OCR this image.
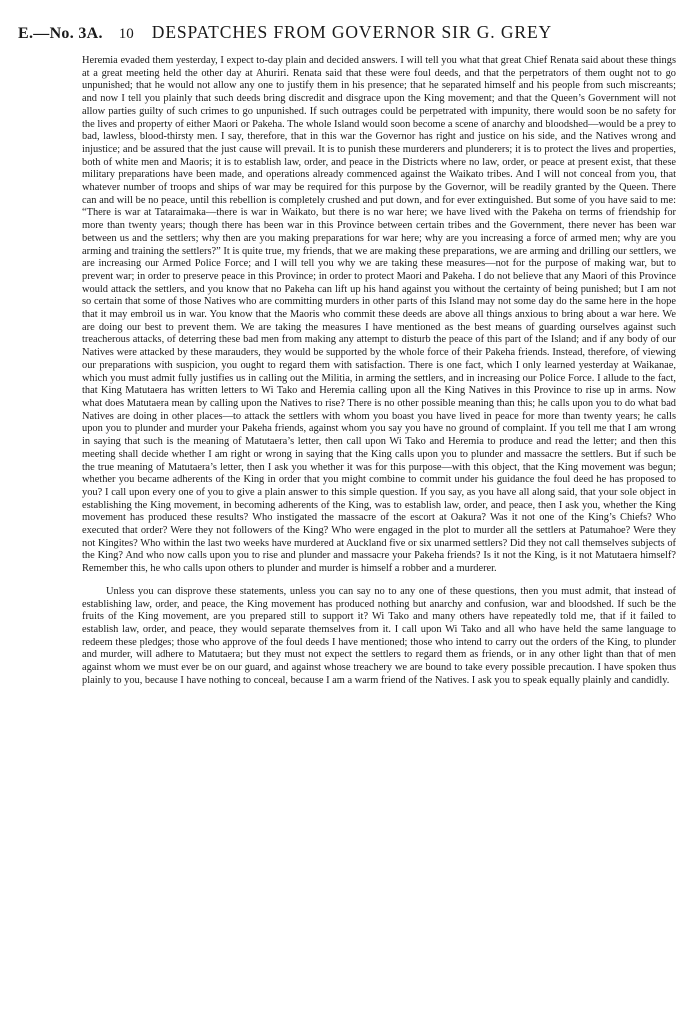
E.—No. 3A. 10 DESPATCHES FROM GOVERNOR SIR G. GREY

Heremia evaded them yesterday, I expect to-day plain and decided answers. I will tell you what that great Chief Renata said about these things at a great meeting held the other day at Ahuriri. Renata said that these were foul deeds, and that the perpetrators of them ought not to go unpunished; that he would not allow any one to justify them in his presence; that he separated himself and his people from such miscreants; and now I tell you plainly that such deeds bring discredit and disgrace upon the King movement; and that the Queen’s Government will not allow parties guilty of such crimes to go unpunished. If such outrages could be perpetrated with impunity, there would soon be no safety for the lives and property of either Maori or Pakeha. The whole Island would soon become a scene of anarchy and bloodshed—would be a prey to bad, lawless, blood-thirsty men. I say, therefore, that in this war the Governor has right and justice on his side, and the Natives wrong and injustice; and be assured that the just cause will prevail. It is to punish these murderers and plunderers; it is to protect the lives and properties, both of white men and Maoris; it is to establish law, order, and peace in the Districts where no law, order, or peace at present exist, that these military preparations have been made, and operations already commenced against the Waikato tribes. And I will not conceal from you, that whatever number of troops and ships of war may be required for this purpose by the Governor, will be readily granted by the Queen. There can and will be no peace, until this rebellion is completely crushed and put down, and for ever extinguished. But some of you have said to me: “There is war at Tataraimaka—there is war in Waikato, but there is no war here; we have lived with the Pakeha on terms of friendship for more than twenty years; though there has been war in this Province between certain tribes and the Government, there never has been war between us and the settlers; why then are you making preparations for war here; why are you increasing a force of armed men; why are you arming and training the settlers?” It is quite true, my friends, that we are making these preparations, we are arming and drilling our settlers, we are increasing our Armed Police Force; and I will tell you why we are taking these measures—not for the purpose of making war, but to prevent war; in order to preserve peace in this Province; in order to protect Maori and Pakeha. I do not believe that any Maori of this Province would attack the settlers, and you know that no Pakeha can lift up his hand against you without the certainty of being punished; but I am not so certain that some of those Natives who are committing murders in other parts of this Island may not some day do the same here in the hope that it may embroil us in war. You know that the Maoris who commit these deeds are above all things anxious to bring about a war here. We are doing our best to prevent them. We are taking the measures I have mentioned as the best means of guarding ourselves against such treacherous attacks, of deterring these bad men from making any attempt to disturb the peace of this part of the Island; and if any body of our Natives were attacked by these marauders, they would be supported by the whole force of their Pakeha friends. Instead, therefore, of viewing our preparations with suspicion, you ought to regard them with satisfaction. There is one fact, which I only learned yesterday at Waikanae, which you must admit fully justifies us in calling out the Militia, in arming the settlers, and in increasing our Police Force. I allude to the fact, that King Matutaera has written letters to Wi Tako and Heremia calling upon all the King Natives in this Province to rise up in arms. Now what does Matutaera mean by calling upon the Natives to rise? There is no other possible meaning than this; he calls upon you to do what bad Natives are doing in other places—to attack the settlers with whom you boast you have lived in peace for more than twenty years; he calls upon you to plunder and murder your Pakeha friends, against whom you say you have no ground of complaint. If you tell me that I am wrong in saying that such is the meaning of Matutaera’s letter, then call upon Wi Tako and Heremia to produce and read the letter; and then this meeting shall decide whether I am right or wrong in saying that the King calls upon you to plunder and massacre the settlers. But if such be the true meaning of Matutaera’s letter, then I ask you whether it was for this purpose—with this object, that the King movement was begun; whether you became adherents of the King in order that you might combine to commit under his guidance the foul deed he has proposed to you? I call upon every one of you to give a plain answer to this simple question. If you say, as you have all along said, that your sole object in establishing the King movement, in becoming adherents of the King, was to establish law, order, and peace, then I ask you, whether the King movement has produced these results? Who instigated the massacre of the escort at Oakura? Was it not one of the King’s Chiefs? Who executed that order? Were they not followers of the King? Who were engaged in the plot to murder all the settlers at Patumahoe? Were they not Kingites? Who within the last two weeks have murdered at Auckland five or six unarmed settlers? Did they not call themselves subjects of the King? And who now calls upon you to rise and plunder and massacre your Pakeha friends? Is it not the King, is it not Matutaera himself? Remember this, he who calls upon others to plunder and murder is himself a robber and a murderer.

Unless you can disprove these statements, unless you can say no to any one of these questions, then you must admit, that instead of establishing law, order, and peace, the King movement has produced nothing but anarchy and confusion, war and bloodshed. If such be the fruits of the King movement, are you prepared still to support it? Wi Tako and many others have repeatedly told me, that if it failed to establish law, order, and peace, they would separate themselves from it. I call upon Wi Tako and all who have held the same language to redeem these pledges; those who approve of the foul deeds I have mentioned; those who intend to carry out the orders of the King, to plunder and murder, will adhere to Matutaera; but they must not expect the settlers to regard them as friends, or in any other light than that of men against whom we must ever be on our guard, and against whose treachery we are bound to take every possible precaution. I have spoken thus plainly to you, because I have nothing to conceal, because I am a warm friend of the Natives. I ask you to speak equally plainly and candidly.
